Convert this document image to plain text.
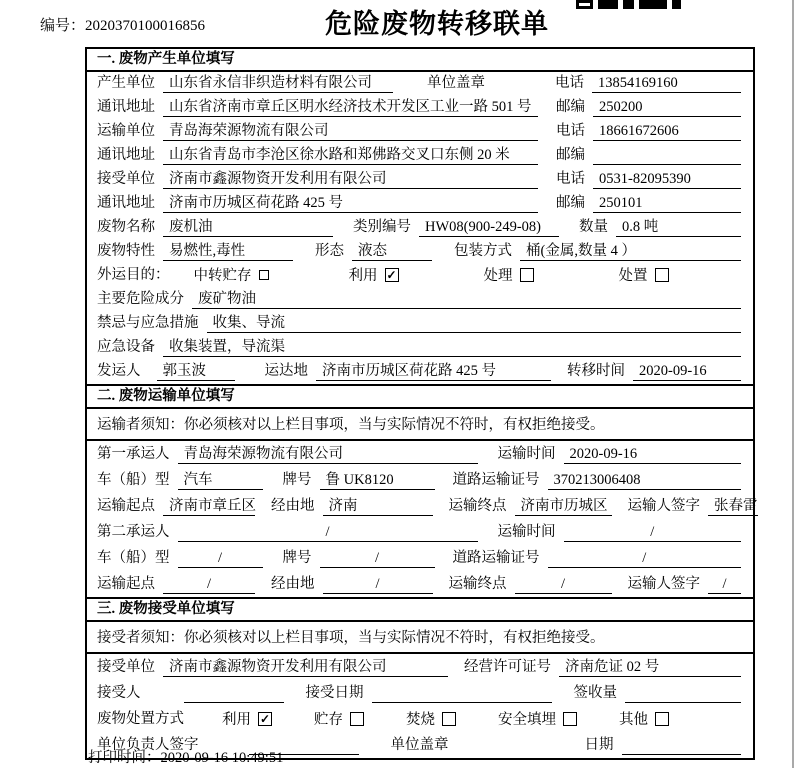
编号：2020370100016856	危险废物转移联单
一. 废物产生单位填写
产生单位 山东省永信非织造材料有限公司	单位盖章	电话 13854169160
通讯地址 山东省济南市章丘区明水经济技术开发区工业一路 501 号	邮编 250200
运输单位 青岛海荣源物流有限公司	电话 18661672606
通讯地址 山东省青岛市李沧区徐水路和郑佛路交叉口东侧 20 米	邮编
接受单位 济南市鑫源物资开发利用有限公司	电话 0531-82095390
通讯地址 济南市历城区荷花路 425 号	邮编 250101
废物名称 废机油	类别编号 HW08(900-249-08)	数量 0.8 吨
废物特性 易燃性,毒性	形态 液态	包装方式 桶(金属,数量 4 ）
外运目的： 中转贮存	利用 ✓	处理	处置
主要危险成分 废矿物油
禁忌与应急措施 收集、导流
应急设备 收集装置，导流渠
发运人	郭玉波	运达地 济南市历城区荷花路 425 号	转移时间 2020-09-16
二. 废物运输单位填写
运输者须知：你必须核对以上栏目事项，当与实际情况不符时，有权拒绝接受。
第一承运人 青岛海荣源物流有限公司	运输时间 2020-09-16
车（船）型 汽车	牌号 鲁 UK8120	道路运输证号 370213006408
运输起点 济南市章丘区 经由地 济南	运输终点 济南市历城区 运输人签字 张春雷
第二承运人	/	运输时间	/
车（船）型	/	牌号	/	道路运输证号	/
运输起点	/	经由地	/	运输终点	/	运输人签字	/
三. 废物接受单位填写
接受者须知：你必须核对以上栏目事项，当与实际情况不符时，有权拒绝接受。
接受单位 济南市鑫源物资开发利用有限公司	经营许可证号 济南危证 02 号
接受人	接受日期	签收量
废物处置方式	利用 ✓	贮存	焚烧	安全填埋	其他
单位负责人签字	单位盖章	日期
打印时间：2020-09-16 10:49:51
